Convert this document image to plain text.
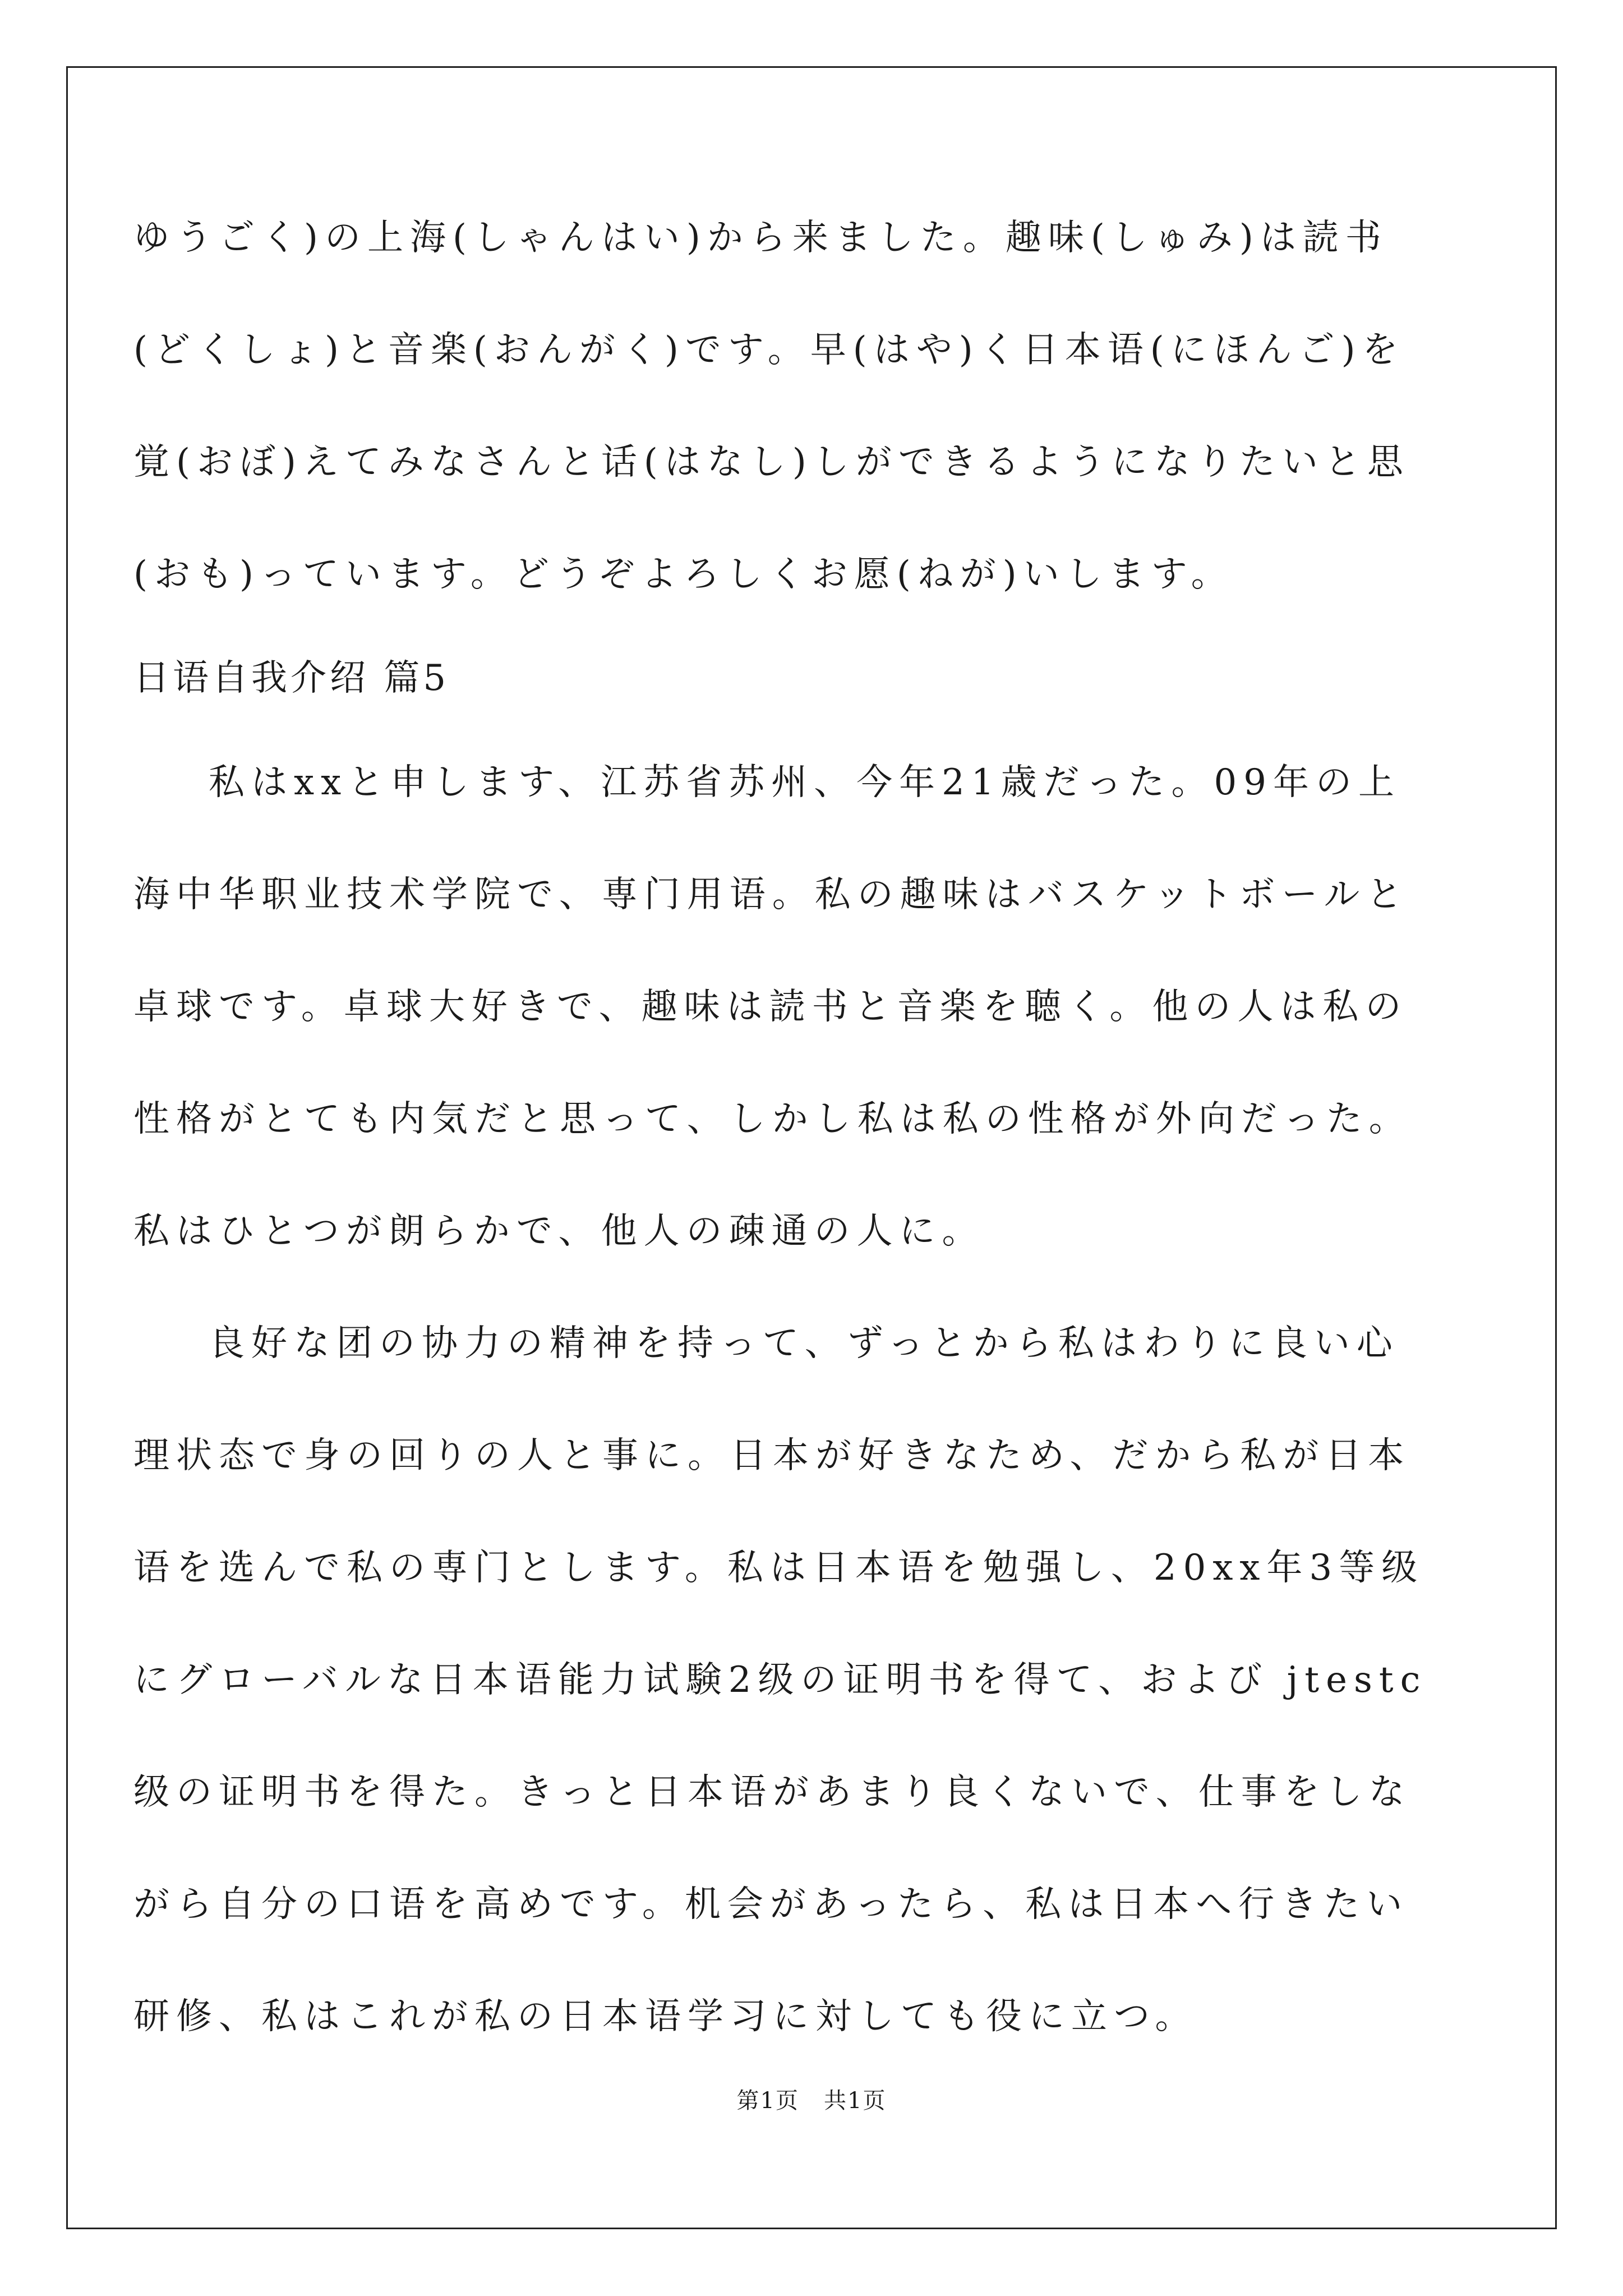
ゆうごく)の上海(しゃんはい)から来ました。趣味(しゅみ)は読书
(どくしょ)と音楽(おんがく)です。早(はや)く日本语(にほんご)を
覚(おぼ)えてみなさんと话(はなし)しができるようになりたいと思
(おも)っています。どうぞよろしくお愿(ねが)いします。
日语自我介绍 篇5
私はxxと申します、江苏省苏州、今年21歳だった。09年の上
海中华职业技术学院で、専门用语。私の趣味はバスケットボールと
卓球です。卓球大好きで、趣味は読书と音楽を聴く。他の人は私の
性格がとても内気だと思って、しかし私は私の性格が外向だった。
私はひとつが朗らかで、他人の疎通の人に。
良好な团の协力の精神を持って、ずっとから私はわりに良い心
理状态で身の回りの人と事に。日本が好きなため、だから私が日本
语を选んで私の専门とします。私は日本语を勉强し、20xx年3等级
にグローバルな日本语能力试験2级の证明书を得て、および jtestc
级の证明书を得た。きっと日本语があまり良くないで、仕事をしな
がら自分の口语を高めです。机会があったら、私は日本へ行きたい
研修、私はこれが私の日本语学习に対しても役に立つ。
第1页 共1页
